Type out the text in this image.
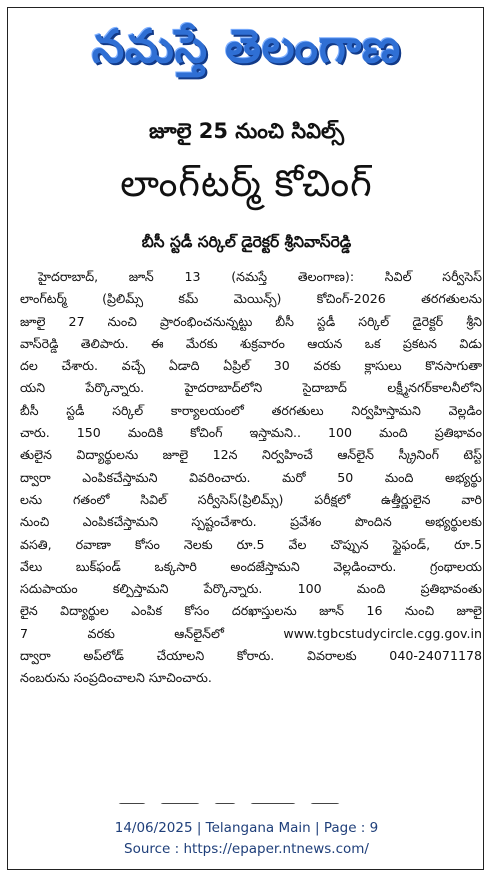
నమస్తే తెలంగాణ
జూలై 25 నుంచి సివిల్స్
లాంగ్‌టర్మ్ కోచింగ్
బీసీ స్టడీ సర్కిల్ డైరెక్టర్ శ్రీనివాస్‌రెడ్డి
హైదరాబాద్, జూన్ 13 (నమస్తే తెలంగాణ): సివిల్ సర్వీసెస్
లాంగ్‌టర్మ్ (ప్రిలిమ్స్ కమ్ మెయిన్స్) కోచింగ్-2026 తరగతులను
జూలై 27 నుంచి ప్రారంభించనున్నట్టు బీసీ స్టడీ సర్కిల్ డైరెక్టర్ శ్రీని
వాస్‌రెడ్డి తెలిపారు. ఈ మేరకు శుక్రవారం ఆయన ఒక ప్రకటన విడు
దల చేశారు. వచ్చే ఏడాది ఏప్రిల్ 30 వరకు క్లాసులు కొనసాగుతా
యని పేర్కొన్నారు. హైదరాబాద్‌లోని సైదాబాద్ లక్ష్మీనగర్‌కాలనీలోని
బీసీ స్టడీ సర్కిల్ కార్యాలయంలో తరగతులు నిర్వహిస్తామని వెల్లడిం
చారు. 150 మందికి కోచింగ్ ఇస్తామని.. 100 మంది ప్రతిభావం
తులైన విద్యార్థులను జూలై 12న నిర్వహించే ఆన్‌లైన్ స్క్రీనింగ్ టెస్ట్
ద్వారా ఎంపికచేస్తామని వివరించారు. మరో 50 మంది అభ్యర్థు
లను గతంలో సివిల్ సర్వీసెస్(ప్రిలిమ్స్) పరీక్షలో ఉత్తీర్ణులైన వారి
నుంచి ఎంపికచేస్తామని స్పష్టంచేశారు. ప్రవేశం పొందిన అభ్యర్థులకు
వసతి, రవాణా కోసం నెలకు రూ.5 వేల చొప్పున స్టైఫండ్, రూ.5
వేలు బుక్‌ఫండ్ ఒక్కసారి అందజేస్తామని వెల్లడించారు. గ్రంథాలయ
సదుపాయం కల్పిస్తామని పేర్కొన్నారు. 100 మంది ప్రతిభావంతు
లైన విద్యార్థుల ఎంపిక కోసం దరఖాస్తులను జూన్ 16 నుంచి జూలై
7 వరకు ఆన్‌లైన్‌లో www.tgbcstudycircle.cgg.gov.in
ద్వారా అప్‌లోడ్ చేయాలని కోరారు. వివరాలకు 040-24071178
నంబరును సంప్రదించాలని సూచించారు.
14/06/2025 | Telangana Main | Page : 9
Source : https://epaper.ntnews.com/
